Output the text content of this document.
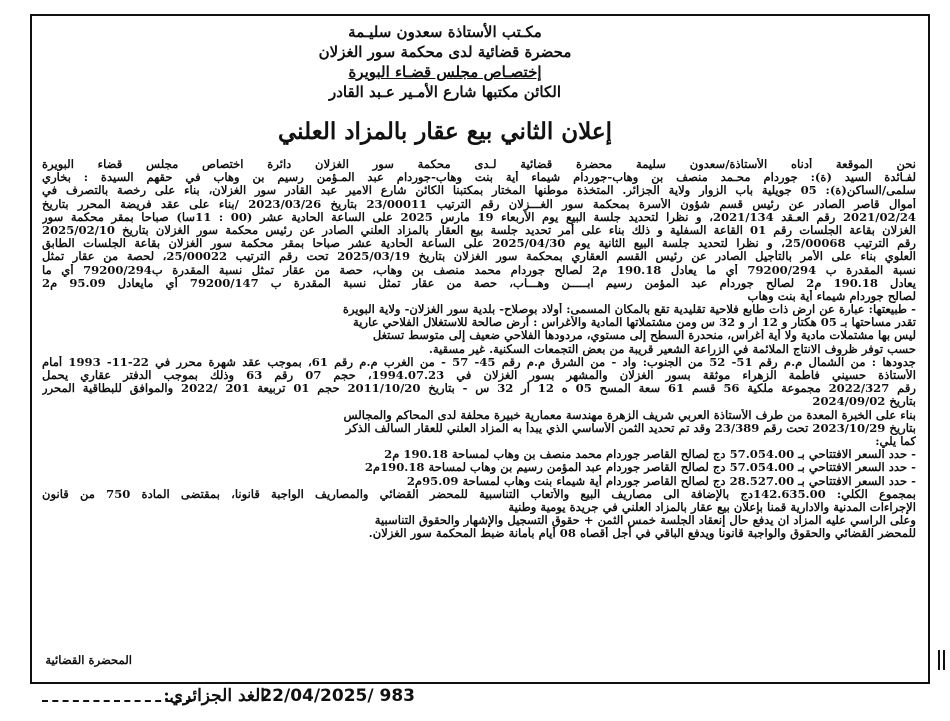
مكـتب الأستاذة سعدون سليـمة
محضرة قضائية لدى محكمة سور الغزلان
إختصـاص مجلس قضـاء البويرة
الكائن مكتبها شارع الأمـير عـبد القادر
إعلان الثاني بيع عقار بالمزاد العلني
نحن الموقعة أدناه الأستاذة/سعدون سليمة محضرة قضائية لـدى محكمة سور الغزلان دائرة اختصاص مجلس قضاء البويرة
لفـائدة السيد (ة): جوردام محـمد منصف بن وهاب-جوردام شيماء أية بنت وهاب-جوردام عبد المـؤمن رسيم بن وهاب في حقهم السيدة : بخاري
سلمى/الساكن(ة): 05 جويلية باب الزوار ولاية الجزائر. المتخذة موطنها المختار بمكتبنا الكائن شارع الامير عبد القادر سور الغزلان، بناء على رخصة بالتصرف في
أموال قاصر الصادر عن رئيس قسم شؤون الأسرة بمحكمة سور الغـــزلان رقم الترتيب 23/00011 بتاريخ 2023/03/26 /بناء على عقد فريضة المحرر بتاريخ
2021/02/24 رقم العـقد 2021/134، و نظرا لتحديد جلسة البيع يوم الأربعاء 19 مارس 2025 على الساعة الحادية عشر (00 : 11سا) صباحا بمقر محكمة سور
الغزلان بقاعة الجلسات رقم 01 القاعة السفلية و ذلك بناء على أمر تحديد جلسة بيع العقار بالمزاد العلني الصادر عن رئيس محكمة سور الغزلان بتاريخ 2025/02/10
رقم الترتيب 25/00068، و نظرا لتحديد جلسة البيع الثانية يوم 2025/04/30 على الساعة الحادية عشر صباحا بمقر محكمة سور الغزلان بقاعة الجلسات الطابق
العلوي بناء على الأمر بالتأجيل الصادر عن رئيس القسم العقاري بمحكمة سور الغزلان بتاريخ 2025/03/19 تحت رقم الترتيب 25/00022، لحصة من عقار تمثل
نسبة المقدرة ب 79200/294 أي ما يعادل 190.18 م2 لصالح جوردام محمد منصف بن وهاب، حصة من عقار تمثل نسبة المقدرة ب79200/294 أي ما
يعادل 190.18 م2 لصالح جوردام عبد المؤمن رسيم ابـــــن وهـــاب، حصة من عقار تمثل نسبة المقدرة ب 79200/147 أي مايعادل 95.09 م2
لصالح جوردام شيماء أية بنت وهاب
- طبيعتها: عبارة عن ارض ذات طابع فلاحية تقليدية تقع بالمكان المسمى: أولاد بوصلاح- بلدية سور الغزلان- ولاية البويرة
تقدر مساحتها بـ 05 هكتار و 12 ار و 32 س ومن مشتملاتها المادية والأغراس : أرض صالحة للاستغلال الفلاحي عارية
ليس بها مشتملات مادية ولا أية أغراس، منحدرة السطح إلى مستوي، مردودها الفلاحي ضعيف إلى متوسط تستغل
حسب توفر ظروف الانتاج الملائمة في الزراعة الشعير قريبة من بعض التجمعات السكنية. غير مسقية.
جدودها : من الشمال م.م رقم 51- 52 من الجنوب: واد - من الشرق م.م رقم 45- 57 - من الغرب م.م رقم 61، بموجب عقد شهرة محرر في 22-11- 1993 أمام
الأستاذة حسيني فاطمة الزهراء موثقة بسور الغزلان والمشهر بسور الغزلان في 1994.07.23، حجم 07 رقم 63 وذلك بموجب الدفتر عقاري يحمل
رقم 2022/327 مجموعة ملكية 56 قسم 61 سعة المسح 05 ه 12 أر 32 س - بتاريخ 2011/10/20 حجم 01 تربيعة 201 /2022 والموافق للبطاقية المحرر
بتاريخ 2024/09/02
بناء على الخبرة المعدة من طرف الأستاذة العربي شريف الزهرة مهندسة معمارية خبيرة محلفة لدى المحاكم والمجالس
بتاريخ 2023/10/29 تحت رقم 23/389 وقد تم تحديد الثمن الأساسي الذي يبدأ به المزاد العلني للعقار السالف الذكر
كما يلي:
- حدد السعر الافتتاحي بـ 57.054.00 دج لصالح القاصر جوردام محمد منصف بن وهاب لمساحة 190.18 م2
- حدد السعر الافتتاحي بـ 57.054.00 دج لصالح القاصر جوردام عبد المؤمن رسيم بن وهاب لمساحة 190.18م2
- حدد السعر الافتتاحي بـ 28.527.00 دج لصالح القاصر جوردام أية شيماء بنت وهاب لمساحة 95.09م2
بمجموع الكلي: 142.635.00دج بالإضافة الى مصاريف البيع والأتعاب التناسبية للمحضر القضائي والمصاريف الواجبة قانونا، بمقتضى المادة 750 من قانون
الإجراءات المدنية والادارية قمنا بإعلان بيع عقار بالمزاد العلني في جريدة يومية وطنية
وعلى الراسي عليه المزاد ان يدفع حال إنعقاد الجلسة خمس الثمن + حقوق التسجيل والإشهار والحقوق التناسبية
للمحضر القضائي والحقوق والواجبة قانونا ويدفع الباقي في أجل أقصاه 08 أيام بأمانة ضبط المحكمة سور الغزلان.
المحضرة القضائية
الغد الجزائري:
22/04/2025/ 983
